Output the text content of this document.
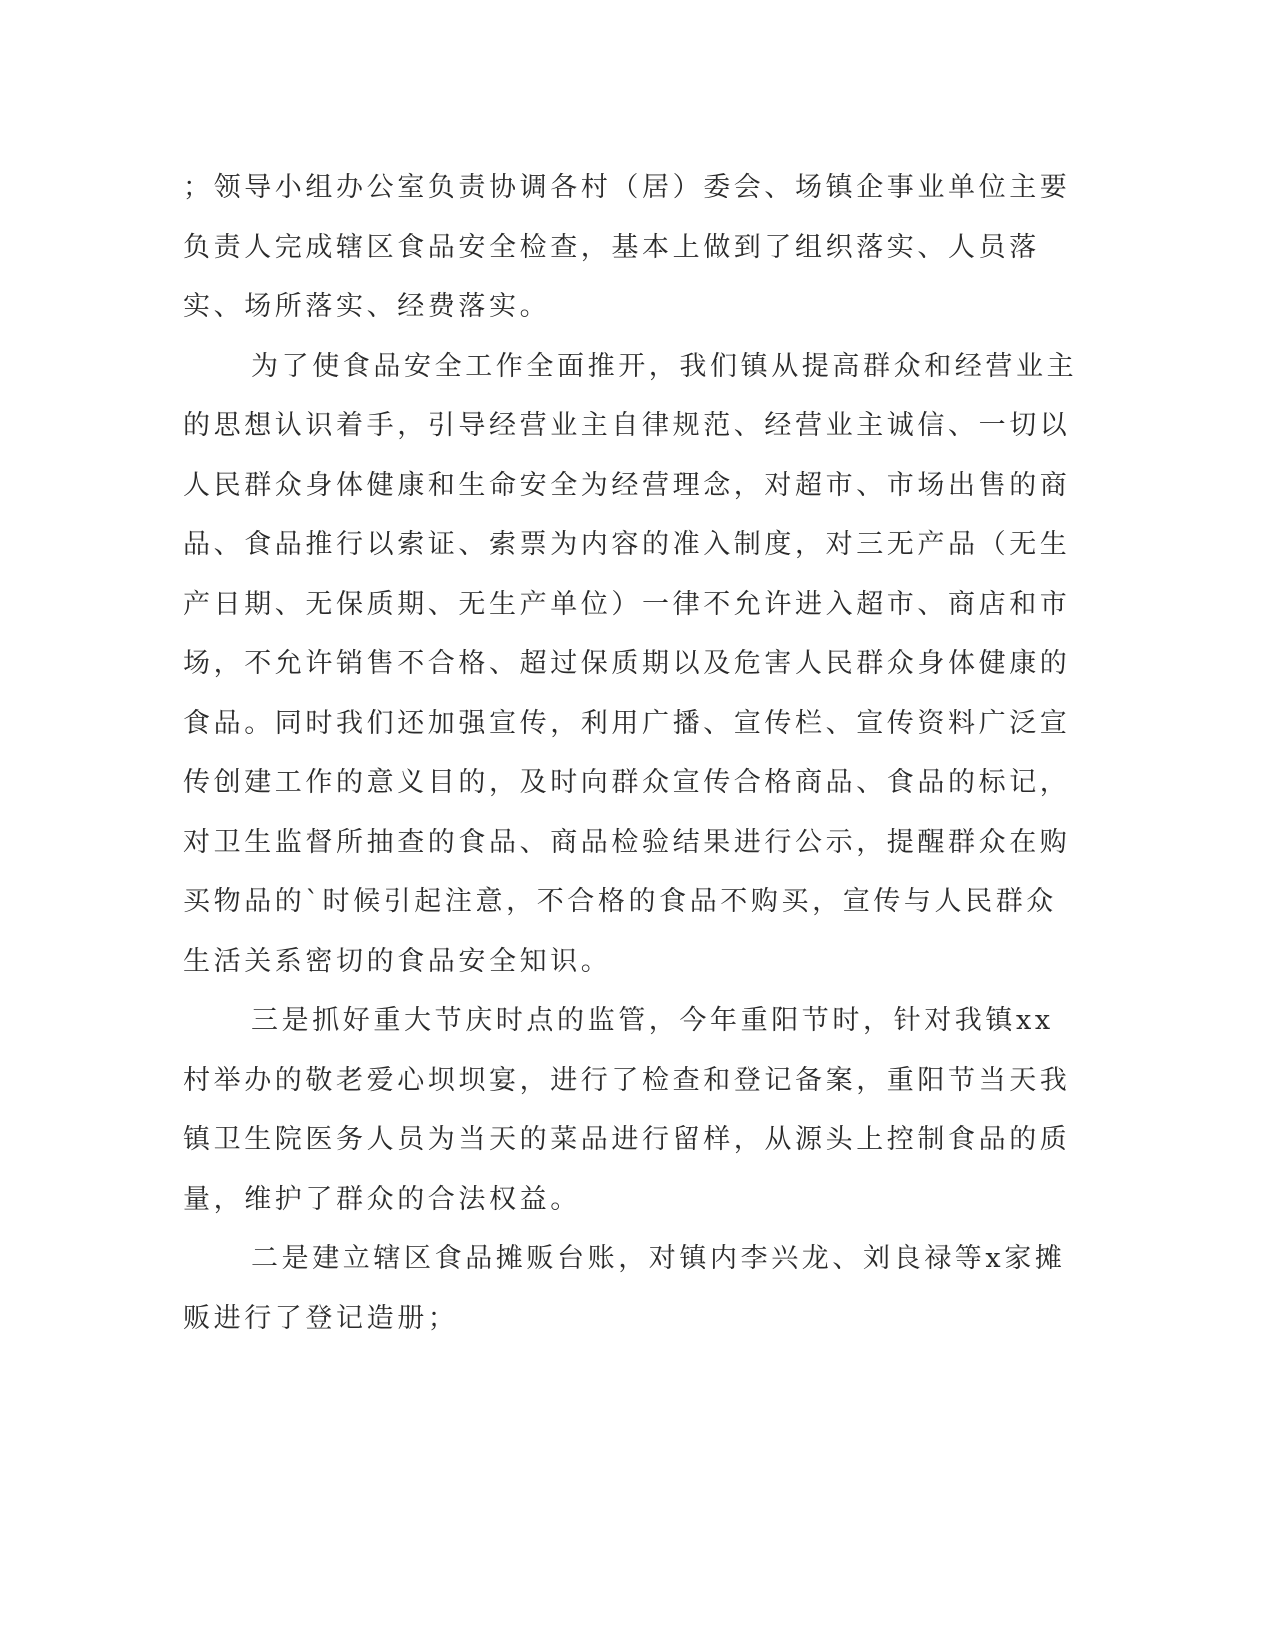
；领导小组办公室负责协调各村（居）委会、场镇企事业单位主要负责人完成辖区食品安全检查，基本上做到了组织落实、人员落实、场所落实、经费落实。

为了使食品安全工作全面推开，我们镇从提高群众和经营业主的思想认识着手，引导经营业主自律规范、经营业主诚信、一切以人民群众身体健康和生命安全为经营理念，对超市、市场出售的商品、食品推行以索证、索票为内容的准入制度，对三无产品（无生产日期、无保质期、无生产单位）一律不允许进入超市、商店和市场，不允许销售不合格、超过保质期以及危害人民群众身体健康的食品。同时我们还加强宣传，利用广播、宣传栏、宣传资料广泛宣传创建工作的意义目的，及时向群众宣传合格商品、食品的标记，对卫生监督所抽查的食品、商品检验结果进行公示，提醒群众在购买物品的`时候引起注意，不合格的食品不购买，宣传与人民群众生活关系密切的食品安全知识。

三是抓好重大节庆时点的监管，今年重阳节时，针对我镇xx村举办的敬老爱心坝坝宴，进行了检查和登记备案，重阳节当天我镇卫生院医务人员为当天的菜品进行留样，从源头上控制食品的质量，维护了群众的合法权益。

二是建立辖区食品摊贩台账，对镇内李兴龙、刘良禄等x家摊贩进行了登记造册；
